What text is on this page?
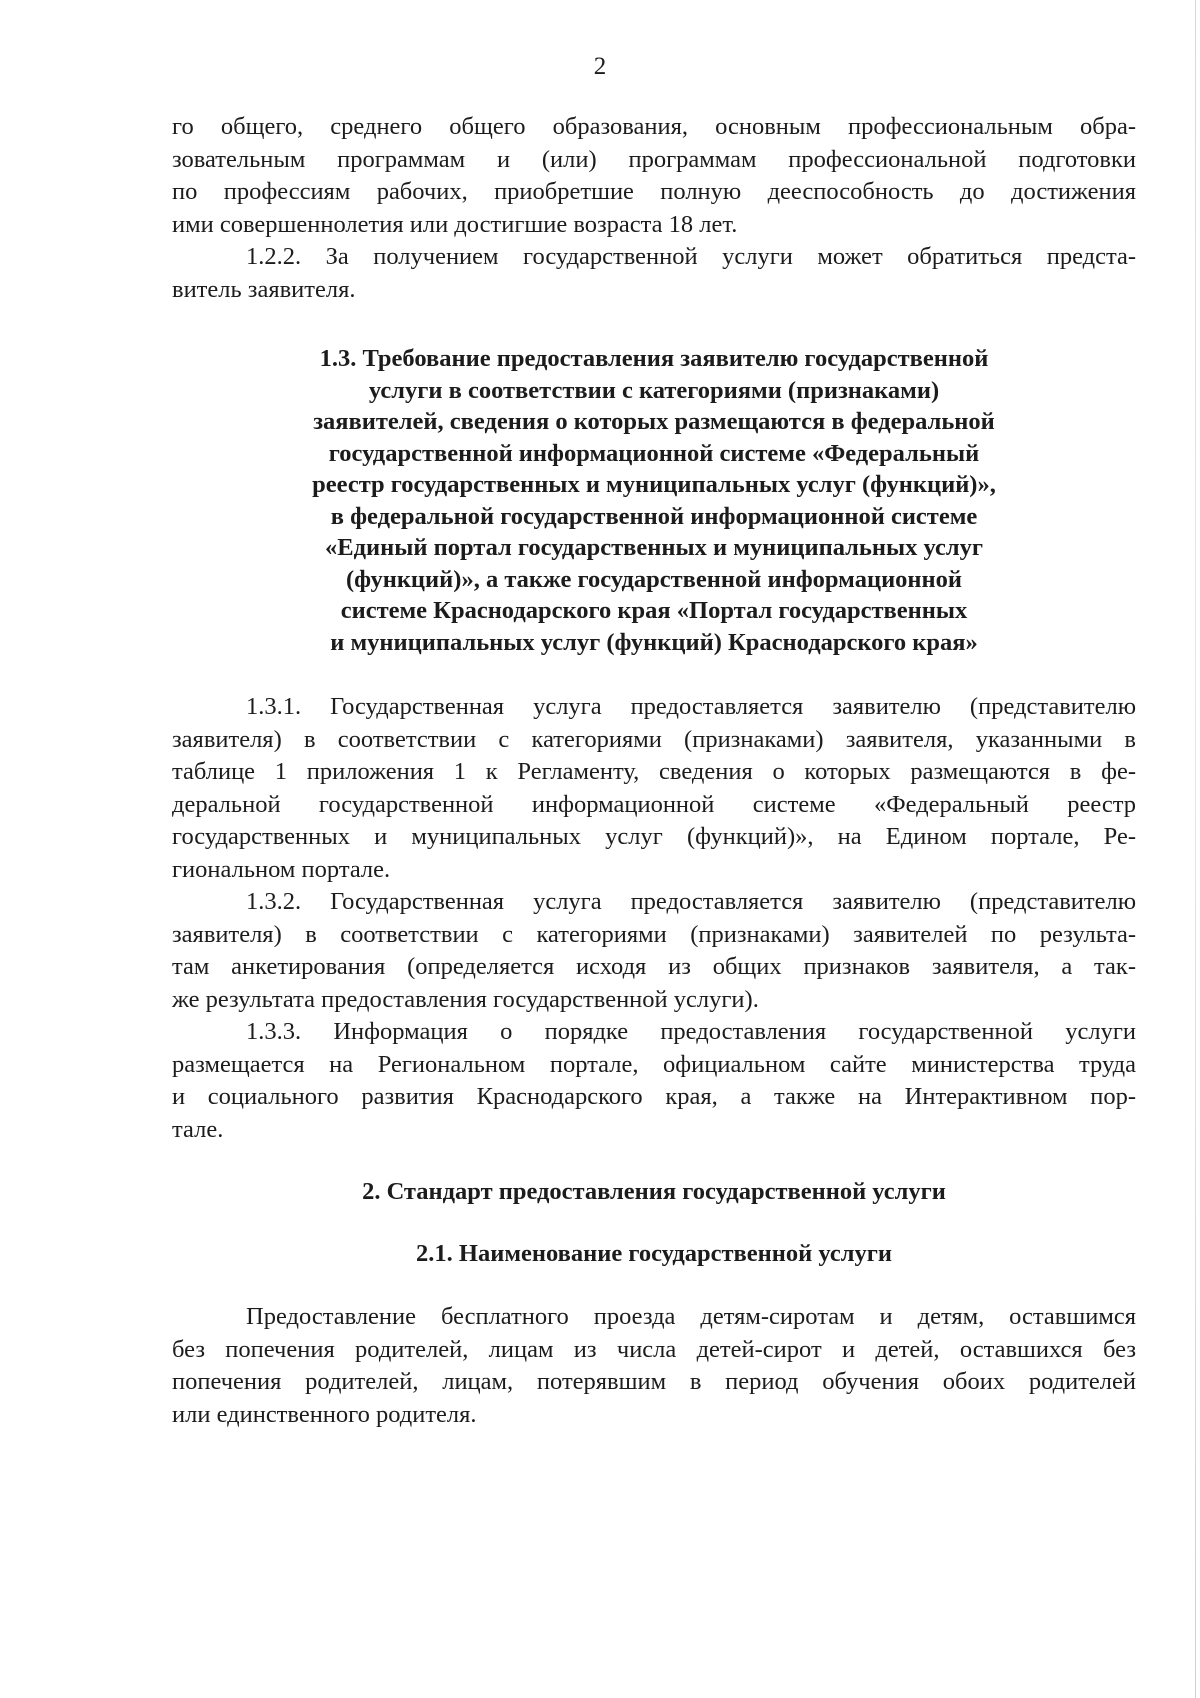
2
го общего, среднего общего образования, основным профессиональным обра-
зовательным программам и (или) программам профессиональной подготовки
по профессиям рабочих, приобретшие полную дееспособность до достижения
ими совершеннолетия или достигшие возраста 18 лет.
1.2.2. За получением государственной услуги может обратиться предста-
витель заявителя.
1.3. Требование предоставления заявителю государственной
услуги в соответствии с категориями (признаками)
заявителей, сведения о которых размещаются в федеральной
государственной информационной системе «Федеральный
реестр государственных и муниципальных услуг (функций)»,
в федеральной государственной информационной системе
«Единый портал государственных и муниципальных услуг
(функций)», а также государственной информационной
системе Краснодарского края «Портал государственных
и муниципальных услуг (функций) Краснодарского края»
1.3.1. Государственная услуга предоставляется заявителю (представителю
заявителя) в соответствии с категориями (признаками) заявителя, указанными в
таблице 1 приложения 1 к Регламенту, сведения о которых размещаются в фе-
деральной государственной информационной системе «Федеральный реестр
государственных и муниципальных услуг (функций)», на Едином портале, Ре-
гиональном портале.
1.3.2. Государственная услуга предоставляется заявителю (представителю
заявителя) в соответствии с категориями (признаками) заявителей по результа-
там анкетирования (определяется исходя из общих признаков заявителя, а так-
же результата предоставления государственной услуги).
1.3.3. Информация о порядке предоставления государственной услуги
размещается на Региональном портале, официальном сайте министерства труда
и социального развития Краснодарского края, а также на Интерактивном пор-
тале.
2. Стандарт предоставления государственной услуги
2.1. Наименование государственной услуги
Предоставление бесплатного проезда детям-сиротам и детям, оставшимся
без попечения родителей, лицам из числа детей-сирот и детей, оставшихся без
попечения родителей, лицам, потерявшим в период обучения обоих родителей
или единственного родителя.
